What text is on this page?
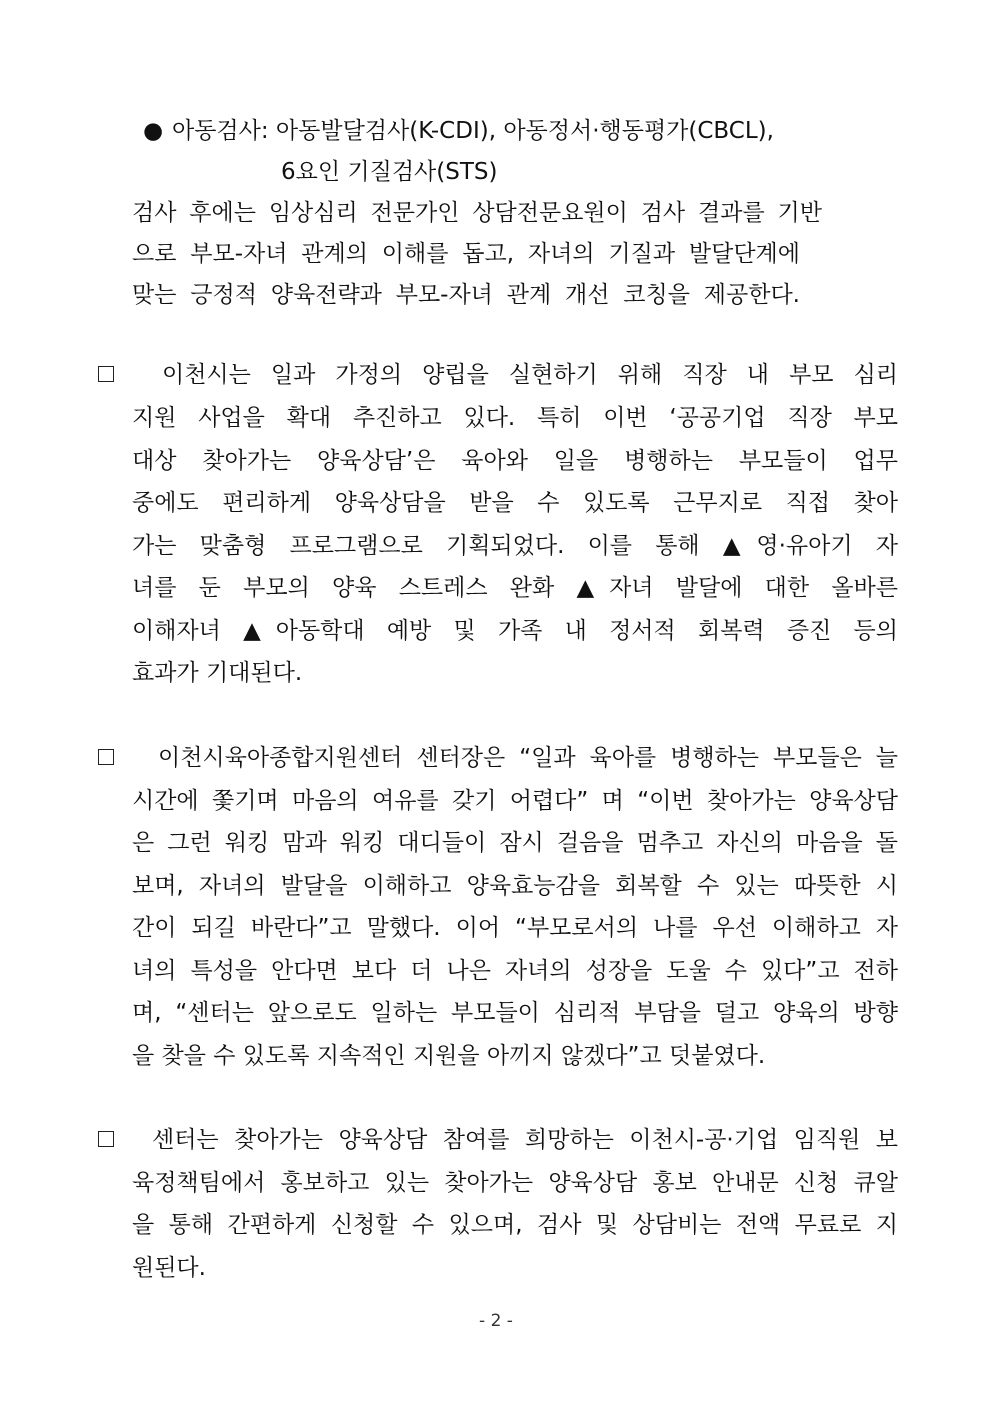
● 아동검사: 아동발달검사(K-CDI), 아동정서·행동평가(CBCL),
6요인 기질검사(STS)
검사 후에는 임상심리 전문가인 상담전문요원이 검사 결과를 기반
으로 부모-자녀 관계의 이해를 돕고, 자녀의 기질과 발달단계에
맞는 긍정적 양육전략과 부모-자녀 관계 개선 코칭을 제공한다.
이천시는 일과 가정의 양립을 실현하기 위해 직장 내 부모 심리
지원 사업을 확대 추진하고 있다. 특히 이번 ‘공공기업 직장 부모
대상 찾아가는 양육상담’은 육아와 일을 병행하는 부모들이 업무
중에도 편리하게 양육상담을 받을 수 있도록 근무지로 직접 찾아
가는 맞춤형 프로그램으로 기획되었다. 이를 통해 ▲영·유아기 자
녀를 둔 부모의 양육 스트레스 완화 ▲자녀 발달에 대한 올바른
이해자녀 ▲아동학대 예방 및 가족 내 정서적 회복력 증진 등의
효과가 기대된다.
이천시육아종합지원센터 센터장은 “일과 육아를 병행하는 부모들은 늘
시간에 쫓기며 마음의 여유를 갖기 어렵다” 며 “이번 찾아가는 양육상담
은 그런 워킹 맘과 워킹 대디들이 잠시 걸음을 멈추고 자신의 마음을 돌
보며, 자녀의 발달을 이해하고 양육효능감을 회복할 수 있는 따뜻한 시
간이 되길 바란다”고 말했다. 이어 “부모로서의 나를 우선 이해하고 자
녀의 특성을 안다면 보다 더 나은 자녀의 성장을 도울 수 있다”고 전하
며, “센터는 앞으로도 일하는 부모들이 심리적 부담을 덜고 양육의 방향
을 찾을 수 있도록 지속적인 지원을 아끼지 않겠다”고 덧붙였다.
센터는 찾아가는 양육상담 참여를 희망하는 이천시-공·기업 임직원 보
육정책팀에서 홍보하고 있는 찾아가는 양육상담 홍보 안내문 신청 큐알
을 통해 간편하게 신청할 수 있으며, 검사 및 상담비는 전액 무료로 지
원된다.
- 2 -
